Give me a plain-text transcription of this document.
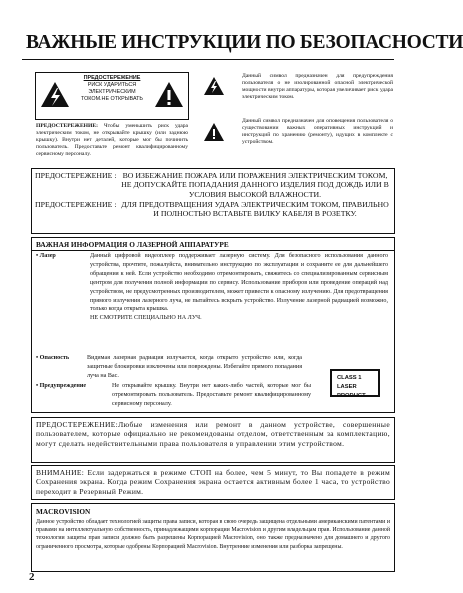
ВАЖНЫЕ ИНСТРУКЦИИ ПО БЕЗОПАСНОСТИ
ПРЕДОСТЕРЕЖЕНИЕ
РИСК УДАРИТЬСЯ
ЭЛЕКТРИЧЕСКИМ
ТОКОМ.НЕ ОТКРЫВАТЬ
ПРЕДОСТЕРЕЖЕНИЕ: Чтобы уменьшить риск удара электрическим током, не открывайте крышку (или заднюю крышку). Внутри нет деталей, которые мог бы починить пользователь. Предоставьте ремонт квалифицированному сервисному персоналу.
Данный символ предназначен для предупреждения пользователя о не изолированной опасной электрической мощности внутри аппаратуры, которая увеличивает риск удара электрическим током.
Данный символ предназначен для оповещения пользователя о существовании важных оперативных инструкций и инструкций по хранению (ремонту), идущих в комплекте с устройством.
ПРЕДОСТЕРЕЖЕНИЕ : ВО ИЗБЕЖАНИЕ ПОЖАРА ИЛИ ПОРАЖЕНИЯ ЭЛЕКТРИЧЕСКИМ ТОКОМ, НЕ ДОПУСКАЙТЕ ПОПАДАНИЯ ДАННОГО ИЗДЕЛИЯ ПОД ДОЖДЬ ИЛИ В УСЛОВИЯ ВЫСОКОЙ ВЛАЖНОСТИ.
ПРЕДОСТЕРЕЖЕНИЕ : ДЛЯ ПРЕДОТВРАЩЕНИЯ УДАРА ЭЛЕКТРИЧЕСКИМ ТОКОМ, ПРАВИЛЬНО И ПОЛНОСТЬЮ ВСТАВЬТЕ ВИЛКУ КАБЕЛЯ В РОЗЕТКУ.
ВАЖНАЯ ИНФОРМАЦИЯ О ЛАЗЕРНОЙ АППАРАТУРЕ
• Лазер	Данный цифровой видеоплеер поддерживает лазерную систему. Для безопасного использования данного устройства, прочтите, пожалуйста, внимательно инструкцию по эксплуатации и сохраните ее для дальнейшего обращения к ней. Если устройство необходимо отремонтировать, свяжитесь со специализированным сервисным центром для получения полной информации по сервису. Использование приборов или проведение операций над устройством, не предусмотренных производителем, может привести к опасному излучению. Для предотвращения прямого излучения лазерного луча, не пытайтесь вскрыть устройство. Излучение лазерной радиацией возможно, только когда открыта крышка.
НЕ СМОТРИТЕ СПЕЦИАЛЬНО НА ЛУЧ.
• Опасность	Видимая лазерная радиация излучается, когда открыто устройство или, когда защитные блокировки изключены или повреждены. Избегайте прямого попадания луча на Вас.
• Предупреждение	Не открывайте крышку. Внутри нет каких-либо частей, которые мог бы отремонтировать пользователь. Предоставьте ремонт квалифицированному сервисному персоналу.
CLASS 1
LASER PRODUCT
ПРЕДОСТЕРЕЖЕНИЕ:Любые изменения или ремонт в данном устройстве, совершенные пользователем, которые официально не рекомендованы отделом, ответственным за комплектацию, могут сделать недействительными права пользователя в управлении этим устройством.
ВНИМАНИЕ: Если задержаться в режиме СТОП на более, чем 5 минут, то Вы попадете в режим Сохранения экрана. Когда режим Сохранения экрана остается активным более 1 часа, то устройство переходит в Резервный Режим.
MACROVISION
Данное устройство обладает технологией защиты права записи, которая в свою очередь защищена отдельными американскими патентами и правами на интеллектуальную собственность, принадлежащими корпорации Macrovision и другим владельцам прав. Использование данной технологии защиты прав записи должно быть разрешены Корпорацией Macrovision, оно также предназначено для домашнего и другого ограниченного просмотра, которые одобрены Корпорацией Macrovision. Внутренние изменения или разборка запрещены.
2
